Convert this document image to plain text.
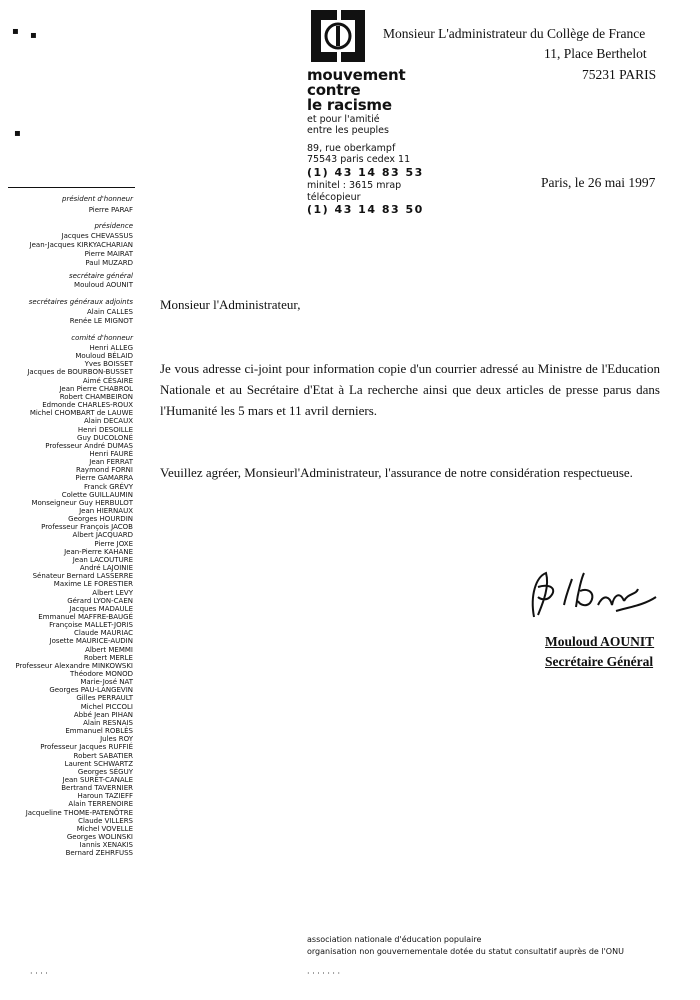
▪ ▪
▪
mouvement
contre
le racisme
et pour l'amitié
entre les peuples
89, rue oberkampf
75543 paris cedex 11
(1) 43 14 83 53
minitel : 3615 mrap
télécopieur
(1) 43 14 83 50
Monsieur L'administrateur du Collège de France
11, Place Berthelot
75231 PARIS
Paris, le 26 mai 1997
président d'honneur
Pierre PARAF
présidence
Jacques CHEVASSUS
Jean-Jacques KIRKYACHARIAN
Pierre MAIRAT
Paul MUZARD
secrétaire général
Mouloud AOUNIT
secrétaires généraux adjoints
Alain CALLES
Renée LE MIGNOT
comité d'honneur
Henri ALLEG
Mouloud BÉLAID
Yves BOISSET
Jacques de BOURBON-BUSSET
Aimé CÉSAIRE
Jean Pierre CHABROL
Robert CHAMBEIRON
Edmonde CHARLES-ROUX
Michel CHOMBART de LAUWE
Alain DECAUX
Henri DESOILLE
Guy DUCOLONÉ
Professeur André DUMAS
Henri FAURÉ
Jean FERRAT
Raymond FORNI
Pierre GAMARRA
Franck GRÉVY
Colette GUILLAUMIN
Monseigneur Guy HERBULOT
Jean HIERNAUX
Georges HOURDIN
Professeur François JACOB
Albert JACQUARD
Pierre JOXE
Jean-Pierre KAHANE
Jean LACOUTURE
André LAJOINIE
Sénateur Bernard LASSERRE
Maxime LE FORESTIER
Albert LEVY
Gérard LYON-CAEN
Jacques MADAULE
Emmanuel MAFFRE-BAUGÉ
Françoise MALLET-JORIS
Claude MAURIAC
Josette MAURICE-AUDIN
Albert MEMMI
Robert MERLE
Professeur Alexandre MINKOWSKI
Théodore MONOD
Marie-José NAT
Georges PAU-LANGEVIN
Gilles PERRAULT
Michel PICCOLI
Abbé Jean PIHAN
Alain RESNAIS
Emmanuel ROBLÈS
Jules ROY
Professeur Jacques RUFFIÉ
Robert SABATIER
Laurent SCHWARTZ
Georges SÉGUY
Jean SURET-CANALE
Bertrand TAVERNIER
Haroun TAZIEFF
Alain TERRENOIRE
Jacqueline THOME-PATENÔTRE
Claude VILLERS
Michel VOVELLE
Georges WOLINSKI
Iannis XENAKIS
Bernard ZEHRFUSS
Monsieur l'Administrateur,
Je vous adresse ci-joint pour information copie d'un courrier adressé au Ministre de l'Education Nationale et au Secrétaire d'Etat à La recherche ainsi que deux articles de presse parus dans l'Humanité les 5 mars et 11 avril derniers.
Veuillez agréer, Monsieurl'Administrateur, l'assurance de notre considération respectueuse.
Mouloud AOUNIT
Secrétaire Général
association nationale d'éducation populaire
organisation non gouvernementale dotée du statut consultatif auprès de l'ONU
· · · ·	· · · · · · ·
